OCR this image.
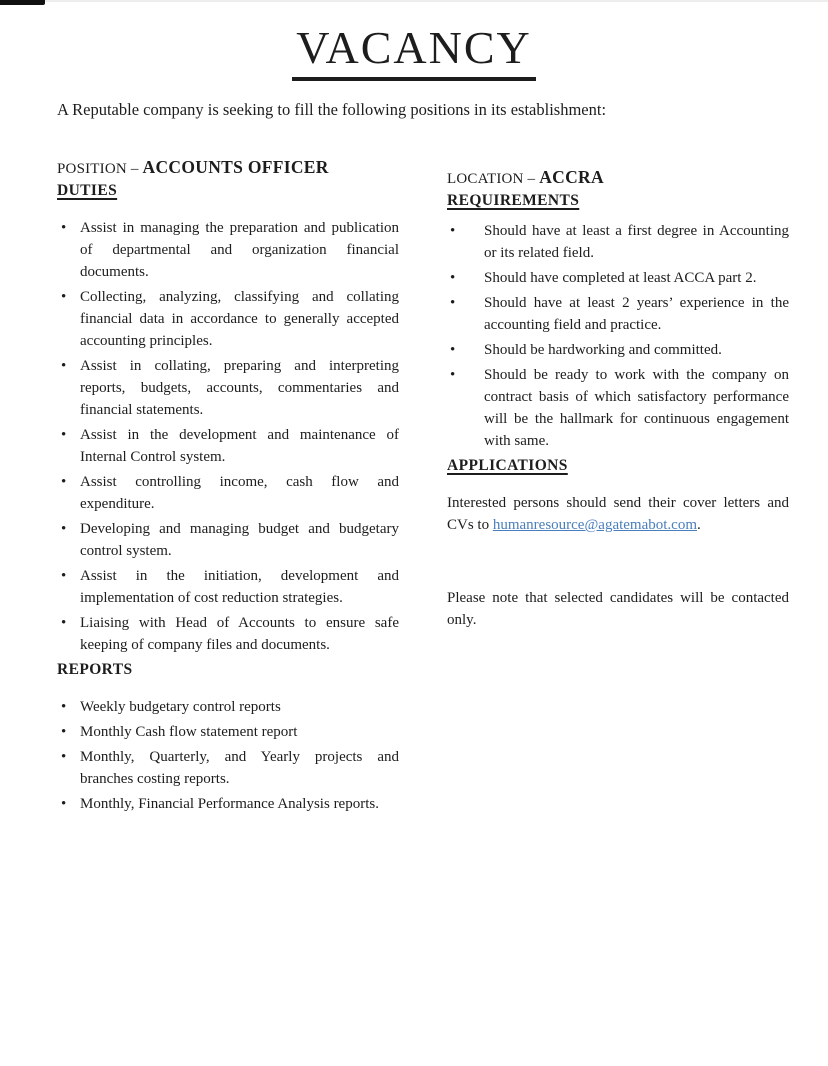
VACANCY

A Reputable company is seeking to fill the following positions in its establishment:

POSITION – ACCOUNTS OFFICER

DUTIES
• Assist in managing the preparation and publication of departmental and organization financial documents.
• Collecting, analyzing, classifying and collating financial data in accordance to generally accepted accounting principles.
• Assist in collating, preparing and interpreting reports, budgets, accounts, commentaries and financial statements.
• Assist in the development and maintenance of Internal Control system.
• Assist controlling income, cash flow and expenditure.
• Developing and managing budget and budgetary control system.
• Assist in the initiation, development and implementation of cost reduction strategies.
• Liaising with Head of Accounts to ensure safe keeping of company files and documents.
REPORTS
• Weekly budgetary control reports
• Monthly Cash flow statement report
• Monthly, Quarterly, and Yearly projects and branches costing reports.
• Monthly, Financial Performance Analysis reports.

LOCATION – ACCRA

REQUIREMENTS
• Should have at least a first degree in Accounting or its related field.
• Should have completed at least ACCA part 2.
• Should have at least 2 years’ experience in the accounting field and practice.
• Should be hardworking and committed.
• Should be ready to work with the company on contract basis of which satisfactory performance will be the hallmark for continuous engagement with same.
APPLICATIONS

Interested persons should send their cover letters and CVs to humanresource@agatemabot.com.

Please note that selected candidates will be contacted only.
